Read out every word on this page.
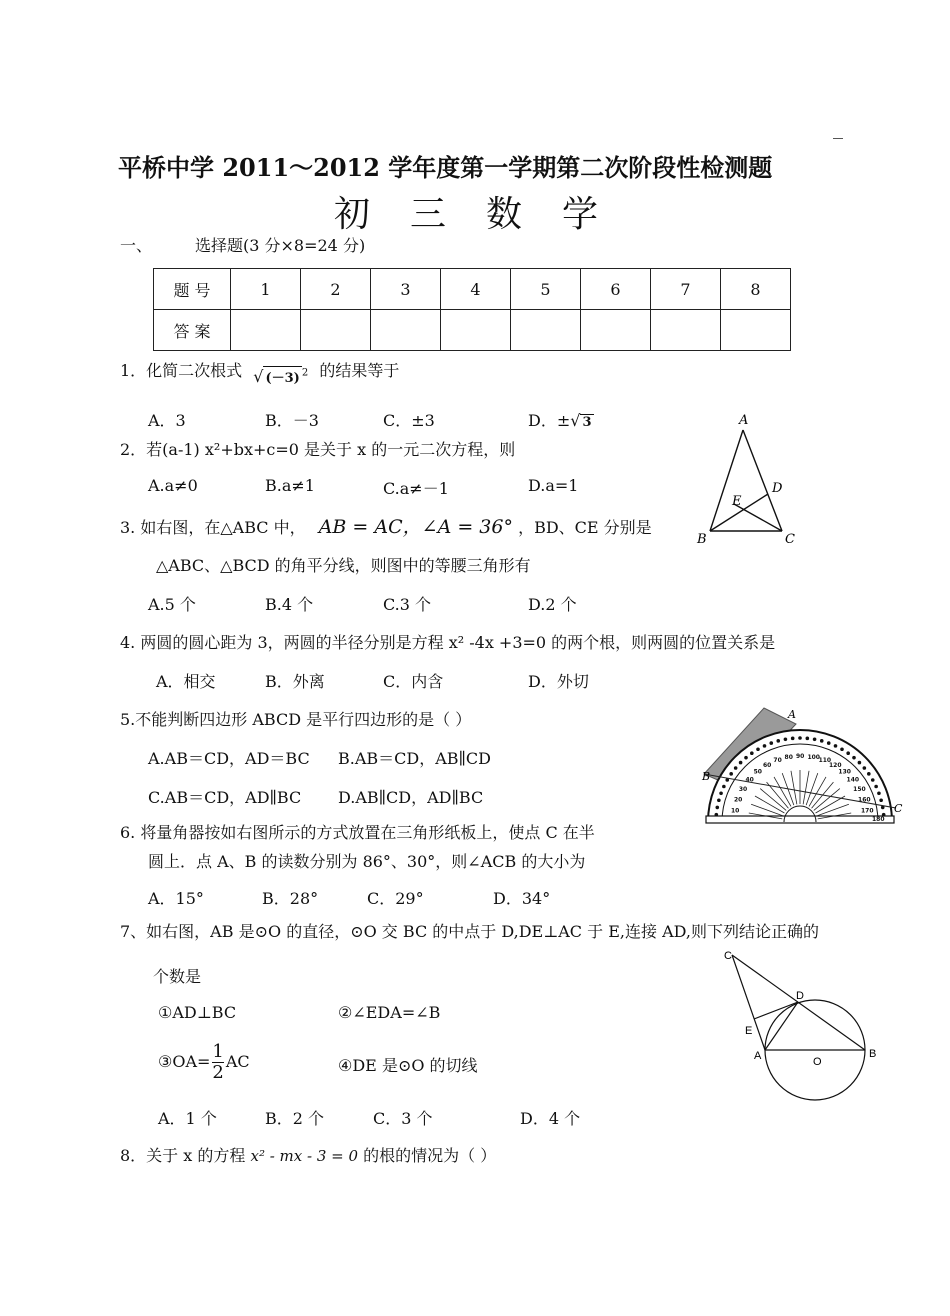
平桥中学 2011～2012 学年度第一学期第二次阶段性检测题
初三数学
一、	选择题(3 分×8=24 分)
题 号	1	2	3	4	5	6	7	8
答 案								
1．化简二次根式 √ (－3) $^2$ 的结果等于
A．3	B．－3	C．±3	D．±√ 3
2．若(a-1) x²+bx+c=0 是关于 x 的一元二次方程，则
A.a≠0	B.a≠1	C.a≠－1	D.a=1
3. 如右图，在△ABC 中， AB = AC，∠A = 36° ，BD、CE 分别是
△ABC、△BCD 的角平分线，则图中的等腰三角形有
A.5 个	B.4 个	C.3 个	D.2 个
A
B	C
D
E
4. 两圆的圆心距为 3，两圆的半径分别是方程 x² -4x +3=0 的两个根，则两圆的位置关系是
A．相交	B．外离	C．内含	D．外切
5.不能判断四边形 ABCD 是平行四边形的是（ ）
A.AB＝CD，AD＝BC B.AB＝CD，AB∥CD
C.AB＝CD，AD∥BC D.AB∥CD，AD∥BC
10
20
30
40
50
60
70 80 90 100
110
120
130
140
150
160
170
180
A
B
C
6. 将量角器按如右图所示的方式放置在三角形纸板上，使点 C 在半
圆上．点 A、B 的读数分别为 86°、30°，则∠ACB 的大小为
A．15°	B．28°	C．29°	D．34°
7、如右图，AB 是⊙O 的直径，⊙O 交 BC 的中点于 D,DE⊥AC 于 E,连接 AD,则下列结论正确的
个数是
①AD⊥BC	②∠EDA=∠B
③OA= $\frac{1}{2}$ AC	④DE 是⊙O 的切线
A．1 个	B．2 个	C．3 个	D．4 个
C
D
E
A	O
B
8．关于 x 的方程 x² - mx - 3 = 0 的根的情况为（ ）
